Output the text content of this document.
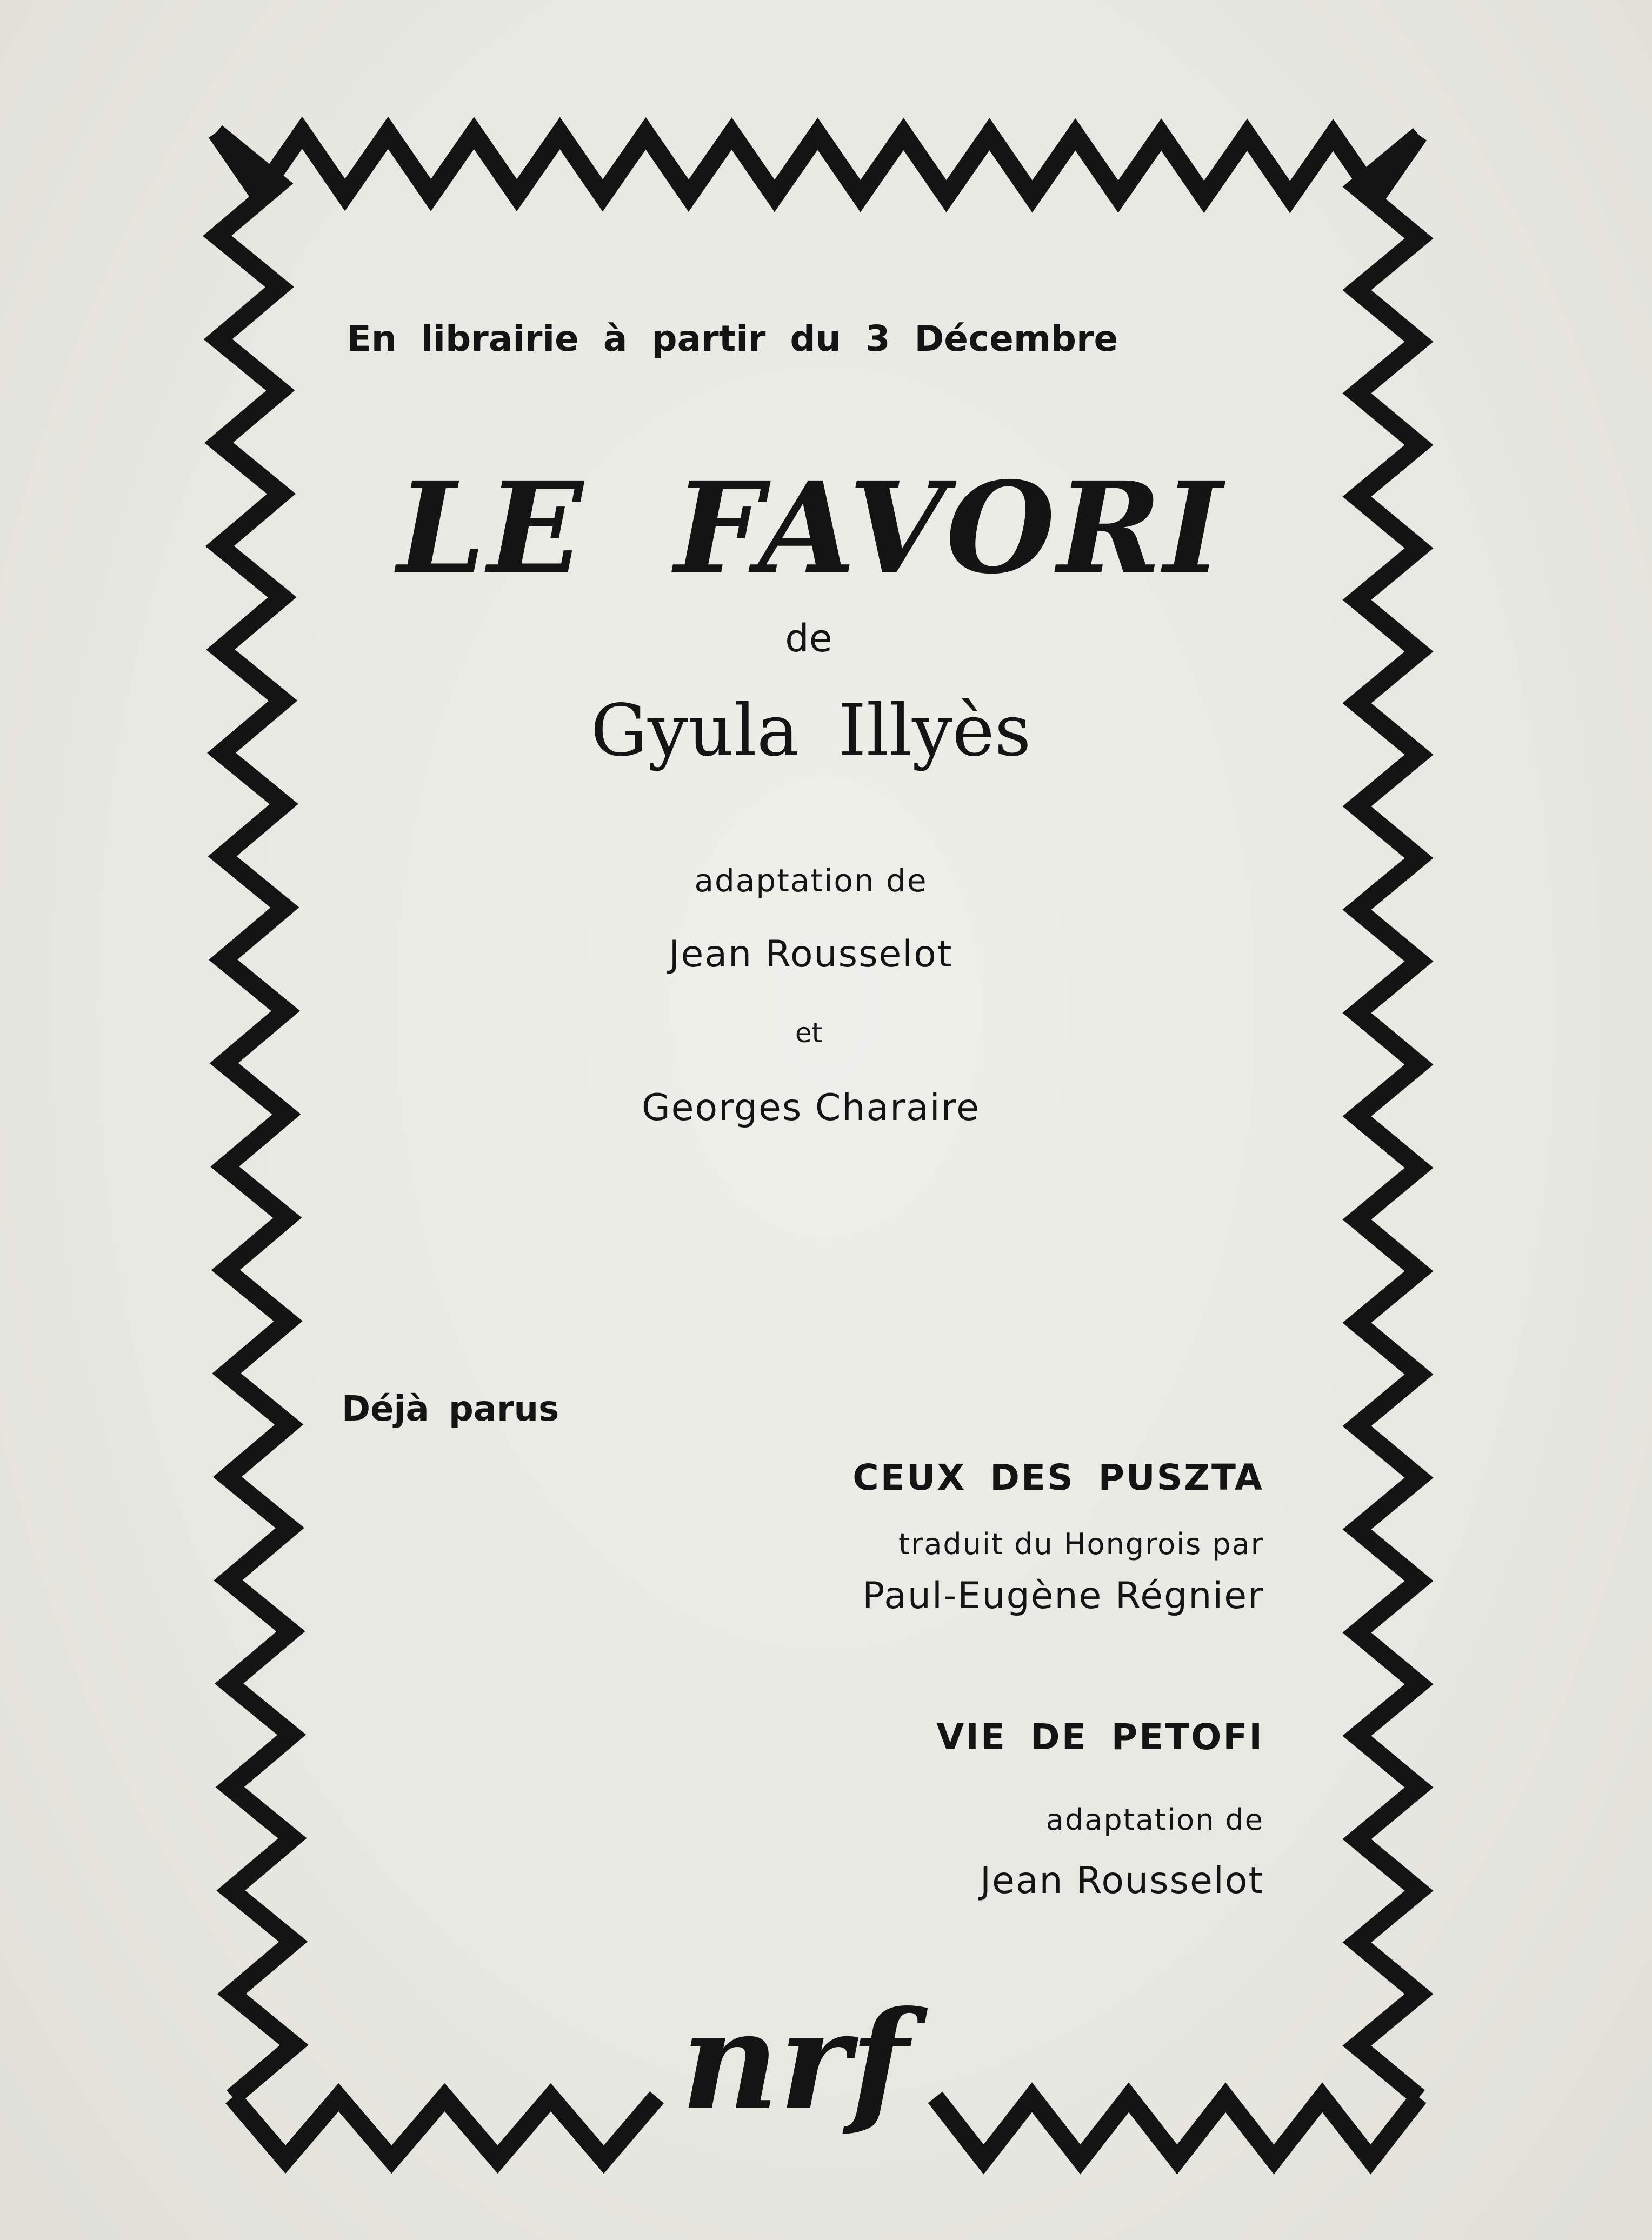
En librairie à partir du 3 Décembre

LE FAVORI

de

Gyula Illyès

adaptation de

Jean Rousselot

et

Georges Charaire

Déjà parus

CEUX DES PUSZTA

traduit du Hongrois par

Paul-Eugène Régnier

VIE DE PETOFI

adaptation de

Jean Rousselot

nrf
